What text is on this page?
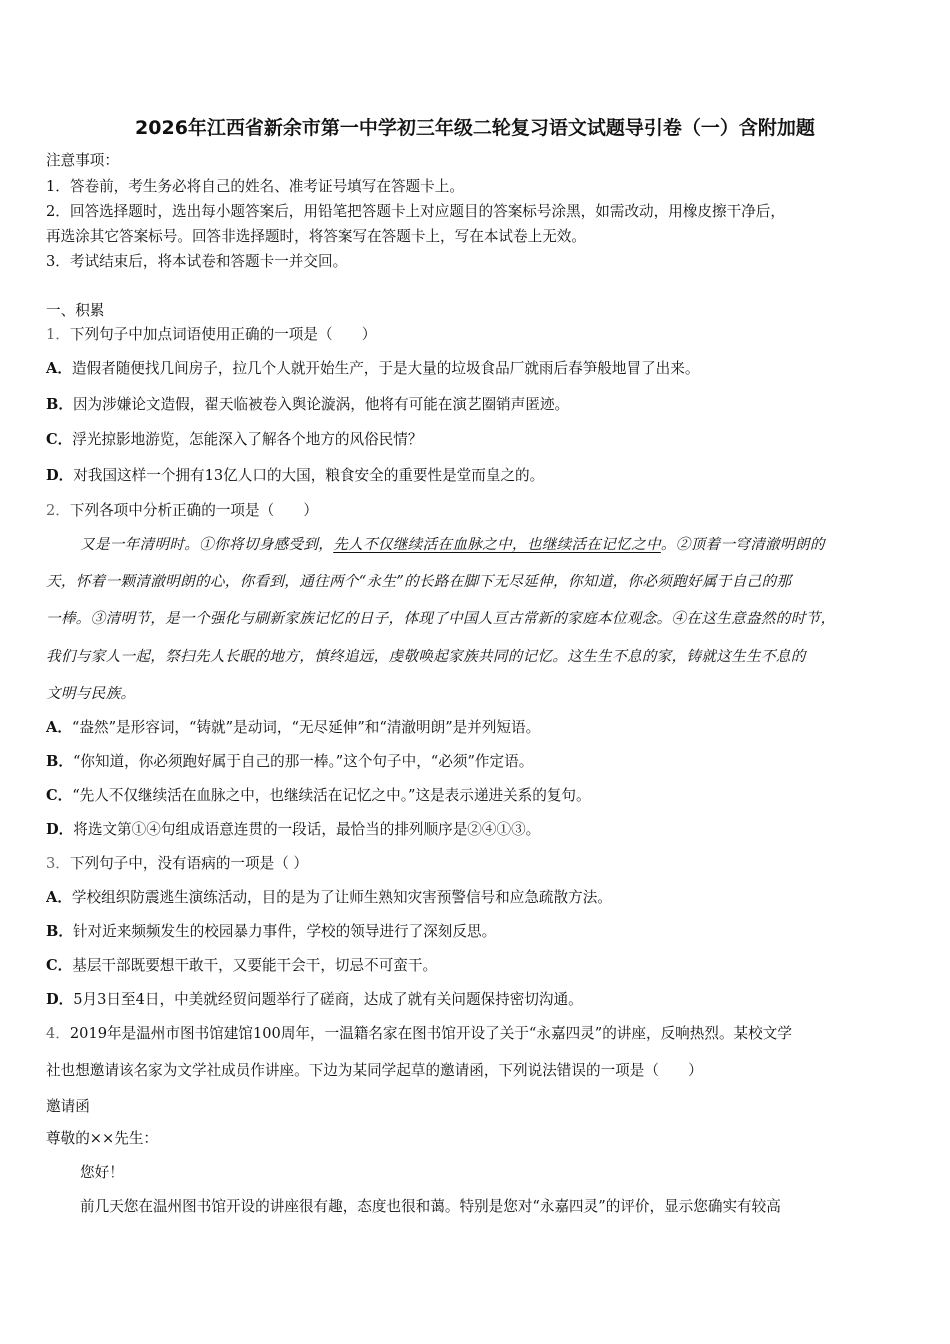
2026年江西省新余市第一中学初三年级二轮复习语文试题导引卷（一）含附加题
注意事项：
1．答卷前，考生务必将自己的姓名、准考证号填写在答题卡上。
2．回答选择题时，选出每小题答案后，用铅笔把答题卡上对应题目的答案标号涂黑，如需改动，用橡皮擦干净后，
再选涂其它答案标号。回答非选择题时，将答案写在答题卡上，写在本试卷上无效。
3．考试结束后，将本试卷和答题卡一并交回。
一、积累
1．下列句子中加点词语使用正确的一项是（　　）
A．造假者随便找几间房子，拉几个人就开始生产，于是大量的垃圾食品厂就雨后春笋般地冒了出来。
B．因为涉嫌论文造假，翟天临被卷入舆论漩涡，他将有可能在演艺圈销声匿迹。
C．浮光掠影地游览，怎能深入了解各个地方的风俗民情？
D．对我国这样一个拥有13亿人口的大国，粮食安全的重要性是堂而皇之的。
2．下列各项中分析正确的一项是（　　）
又是一年清明时。①你将切身感受到，先人不仅继续活在血脉之中，也继续活在记忆之中。②顶着一穹清澈明朗的
天，怀着一颗清澈明朗的心，你看到，通往两个“永生”的长路在脚下无尽延伸，你知道，你必须跑好属于自己的那
一棒。③清明节，是一个强化与刷新家族记忆的日子，体现了中国人亘古常新的家庭本位观念。④在这生意盎然的时节，
我们与家人一起，祭扫先人长眠的地方，慎终追远，虔敬唤起家族共同的记忆。这生生不息的家，铸就这生生不息的
文明与民族。
A．“盎然”是形容词，“铸就”是动词，“无尽延伸”和“清澈明朗”是并列短语。
B．“你知道，你必须跑好属于自己的那一棒。”这个句子中，“必须”作定语。
C．“先人不仅继续活在血脉之中，也继续活在记忆之中。”这是表示递进关系的复句。
D．将选文第①④句组成语意连贯的一段话，最恰当的排列顺序是②④①③。
3．下列句子中，没有语病的一项是（ ）
A．学校组织防震逃生演练活动，目的是为了让师生熟知灾害预警信号和应急疏散方法。
B．针对近来频频发生的校园暴力事件，学校的领导进行了深刻反思。
C．基层干部既要想干敢干，又要能干会干，切忌不可蛮干。
D．5月3日至4日，中美就经贸问题举行了磋商，达成了就有关问题保持密切沟通。
4．2019年是温州市图书馆建馆100周年，一温籍名家在图书馆开设了关于“永嘉四灵”的讲座，反响热烈。某校文学
社也想邀请该名家为文学社成员作讲座。下边为某同学起草的邀请函，下列说法错误的一项是（　　）
邀请函
尊敬的××先生：
您好！
前几天您在温州图书馆开设的讲座很有趣，态度也很和蔼。特别是您对“永嘉四灵”的评价，显示您确实有较高
